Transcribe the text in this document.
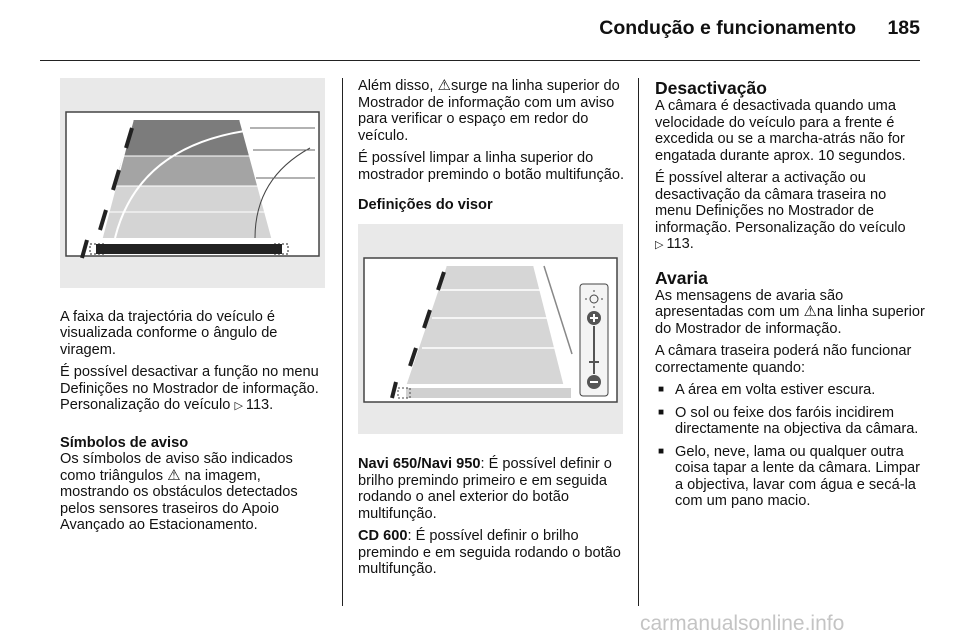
Condução e funcionamento 185

A faixa da trajectória do veículo é visualizada conforme o ângulo de viragem.

É possível desactivar a função no menu Definições no Mostrador de informação. Personalização do veículo ▷ 113.

Símbolos de aviso

Os símbolos de aviso são indicados como triângulos ⚠ na imagem, mostrando os obstáculos detectados pelos sensores traseiros do Apoio Avançado ao Estacionamento.

Além disso, ⚠surge na linha superior do Mostrador de informação com um aviso para verificar o espaço em redor do veículo.

É possível limpar a linha superior do mostrador premindo o botão multifunção.

Definições do visor

Navi 650/Navi 950: É possível definir o brilho premindo primeiro e em seguida rodando o anel exterior do botão multifunção.

CD 600: É possível definir o brilho premindo e em seguida rodando o botão multifunção.

Desactivação

A câmara é desactivada quando uma velocidade do veículo para a frente é excedida ou se a marcha-atrás não for engatada durante aprox. 10 segundos.

É possível alterar a activação ou desactivação da câmara traseira no menu Definições no Mostrador de informação. Personalização do veículo ▷ 113.

Avaria

As mensagens de avaria são apresentadas com um ⚠na linha superior do Mostrador de informação.

A câmara traseira poderá não funcionar correctamente quando:

■ A área em volta estiver escura.
■ O sol ou feixe dos faróis incidirem directamente na objectiva da câmara.
■ Gelo, neve, lama ou qualquer outra coisa tapar a lente da câmara. Limpar a objectiva, lavar com água e secá-la com um pano macio.
carmanualsonline.info
